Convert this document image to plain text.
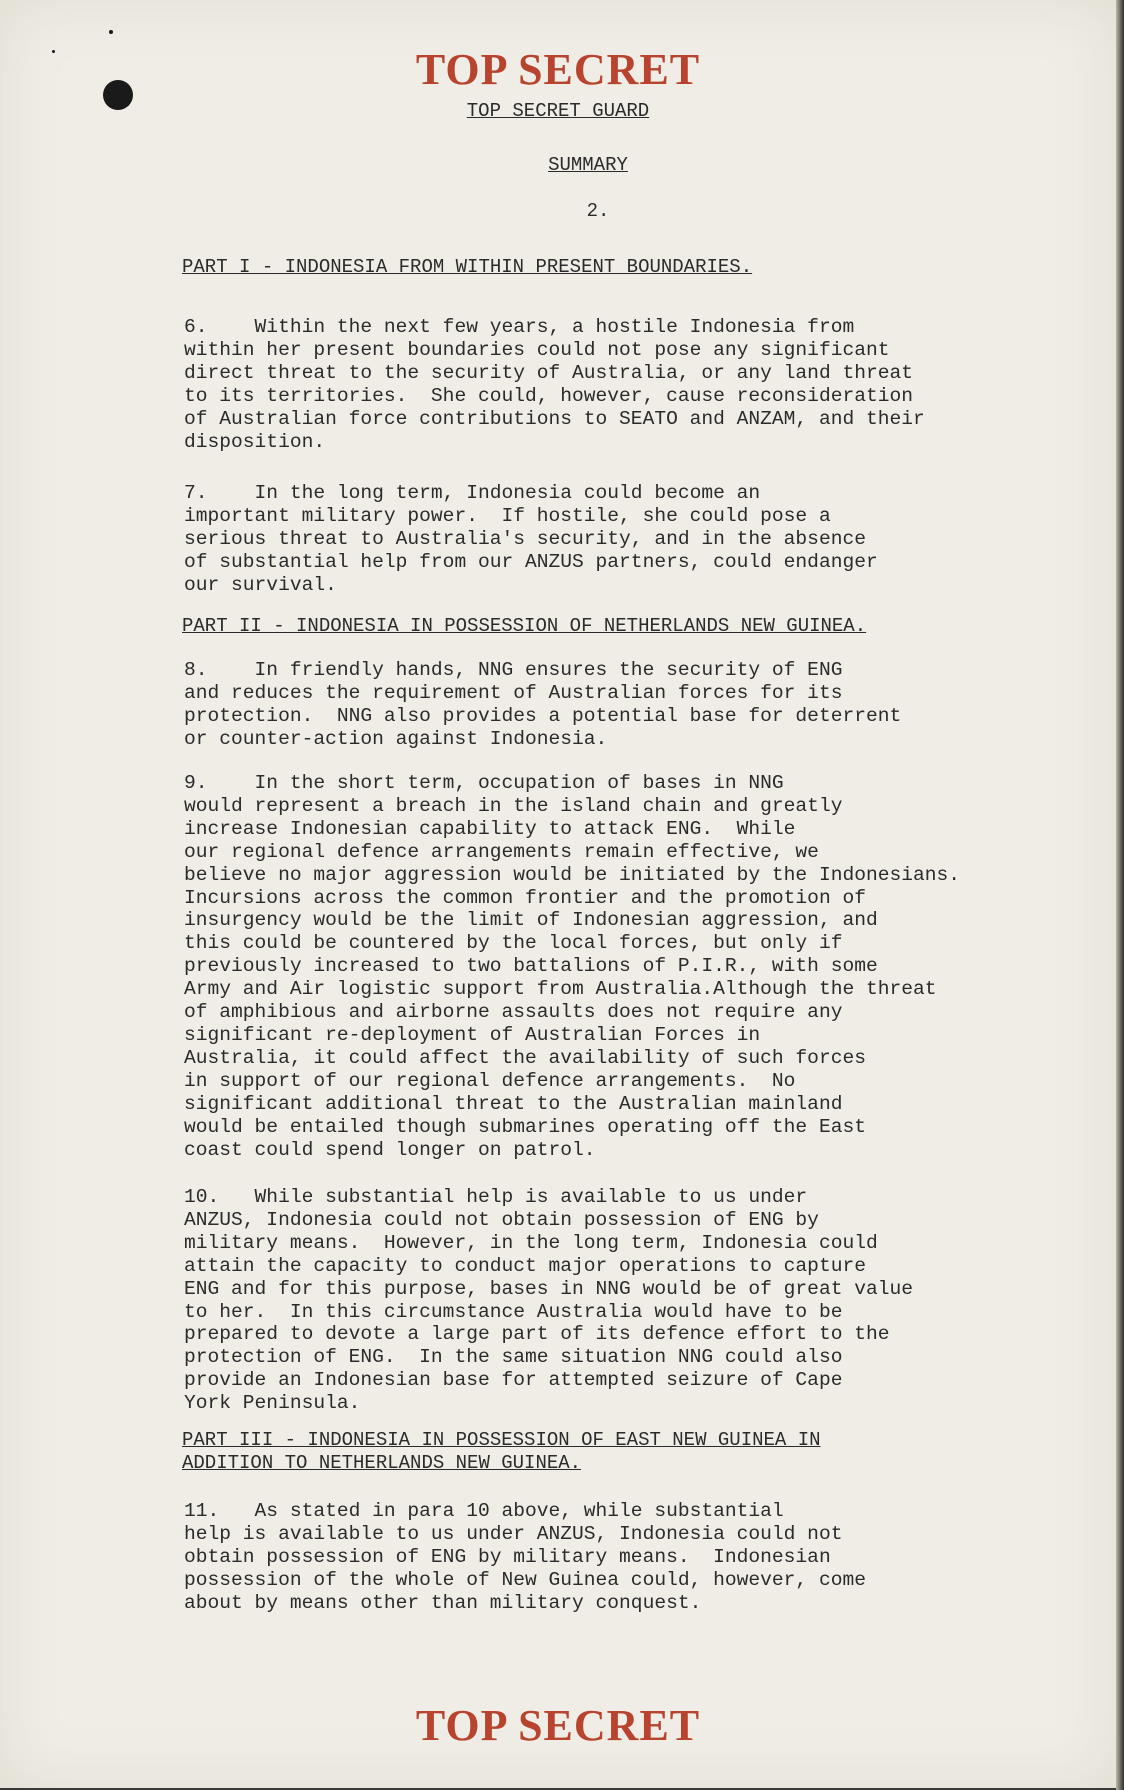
TOP SECRET
TOP SECRET GUARD
SUMMARY
2.
PART I - INDONESIA FROM WITHIN PRESENT BOUNDARIES.
6.    Within the next few years, a hostile Indonesia from
within her present boundaries could not pose any significant
direct threat to the security of Australia, or any land threat
to its territories.  She could, however, cause reconsideration
of Australian force contributions to SEATO and ANZAM, and their
disposition.
7.    In the long term, Indonesia could become an
important military power.  If hostile, she could pose a
serious threat to Australia's security, and in the absence
of substantial help from our ANZUS partners, could endanger
our survival.
PART II - INDONESIA IN POSSESSION OF NETHERLANDS NEW GUINEA.
8.    In friendly hands, NNG ensures the security of ENG
and reduces the requirement of Australian forces for its
protection.  NNG also provides a potential base for deterrent
or counter-action against Indonesia.
9.    In the short term, occupation of bases in NNG
would represent a breach in the island chain and greatly
increase Indonesian capability to attack ENG.  While
our regional defence arrangements remain effective, we
believe no major aggression would be initiated by the Indonesians.
Incursions across the common frontier and the promotion of
insurgency would be the limit of Indonesian aggression, and
this could be countered by the local forces, but only if
previously increased to two battalions of P.I.R., with some
Army and Air logistic support from Australia.Although the threat
of amphibious and airborne assaults does not require any
significant re-deployment of Australian Forces in
Australia, it could affect the availability of such forces
in support of our regional defence arrangements.  No
significant additional threat to the Australian mainland
would be entailed though submarines operating off the East
coast could spend longer on patrol.
10.   While substantial help is available to us under
ANZUS, Indonesia could not obtain possession of ENG by
military means.  However, in the long term, Indonesia could
attain the capacity to conduct major operations to capture
ENG and for this purpose, bases in NNG would be of great value
to her.  In this circumstance Australia would have to be
prepared to devote a large part of its defence effort to the
protection of ENG.  In the same situation NNG could also
provide an Indonesian base for attempted seizure of Cape
York Peninsula.
PART III - INDONESIA IN POSSESSION OF EAST NEW GUINEA IN
ADDITION TO NETHERLANDS NEW GUINEA.
11.   As stated in para 10 above, while substantial
help is available to us under ANZUS, Indonesia could not
obtain possession of ENG by military means.  Indonesian
possession of the whole of New Guinea could, however, come
about by means other than military conquest.
TOP SECRET
